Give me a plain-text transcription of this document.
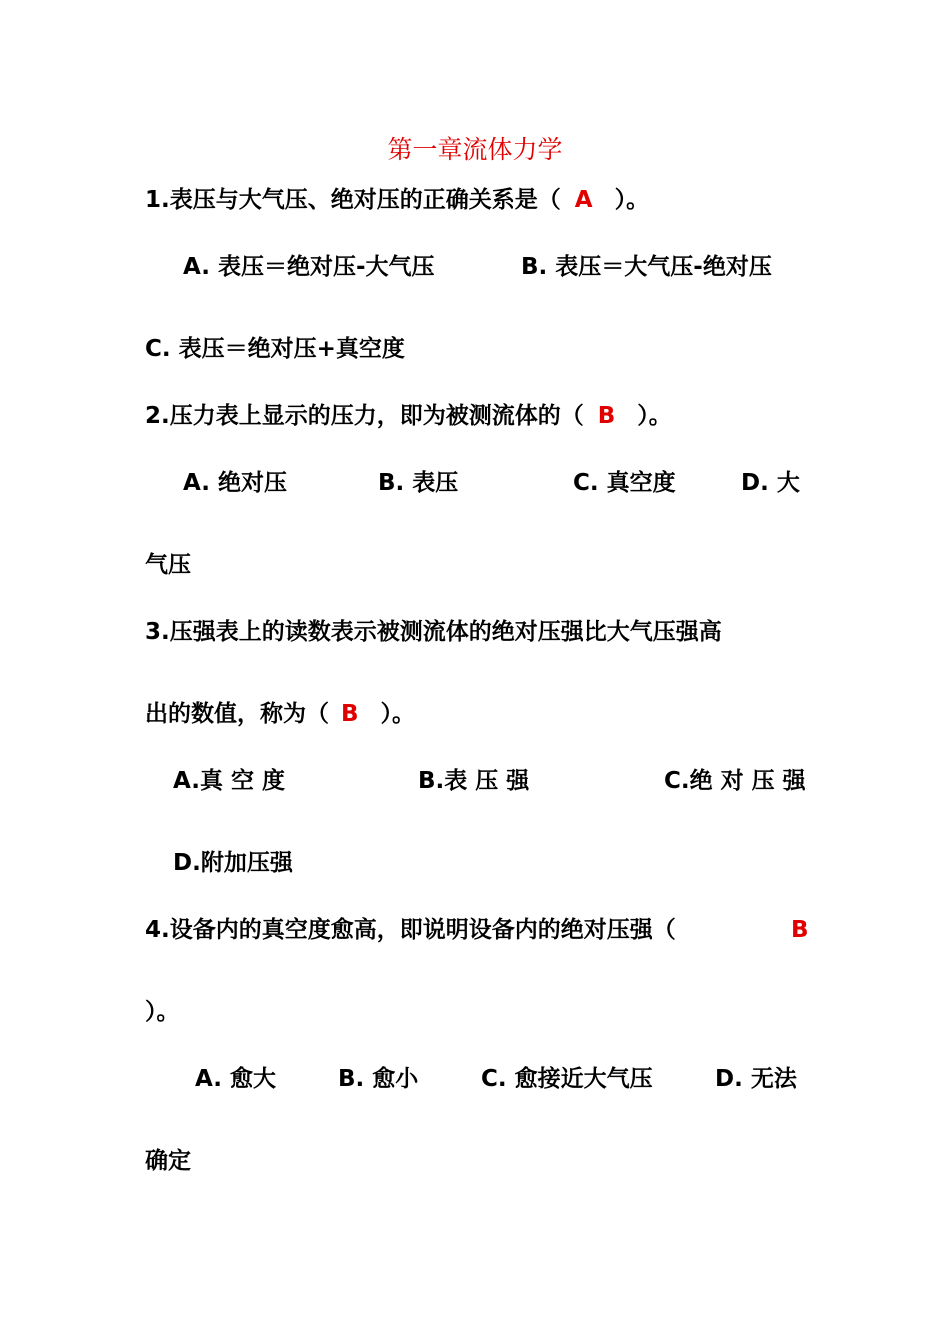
第一章流体力学
1.表压与大气压、绝对压的正确关系是（ A ）。
A. 表压＝绝对压-大气压	B. 表压＝大气压-绝对压
C. 表压＝绝对压+真空度
2.压力表上显示的压力，即为被测流体的（ B ）。
A. 绝对压	B. 表压	C. 真空度	D. 大
气压
3.压强表上的读数表示被测流体的绝对压强比大气压强高
出的数值，称为（ B ）。
A.真 空 度	B.表 压 强	C.绝 对 压 强
D.附加压强
4.设备内的真空度愈高，即说明设备内的绝对压强（	B
）。
A. 愈大	B. 愈小	C. 愈接近大气压	D. 无法
确定
